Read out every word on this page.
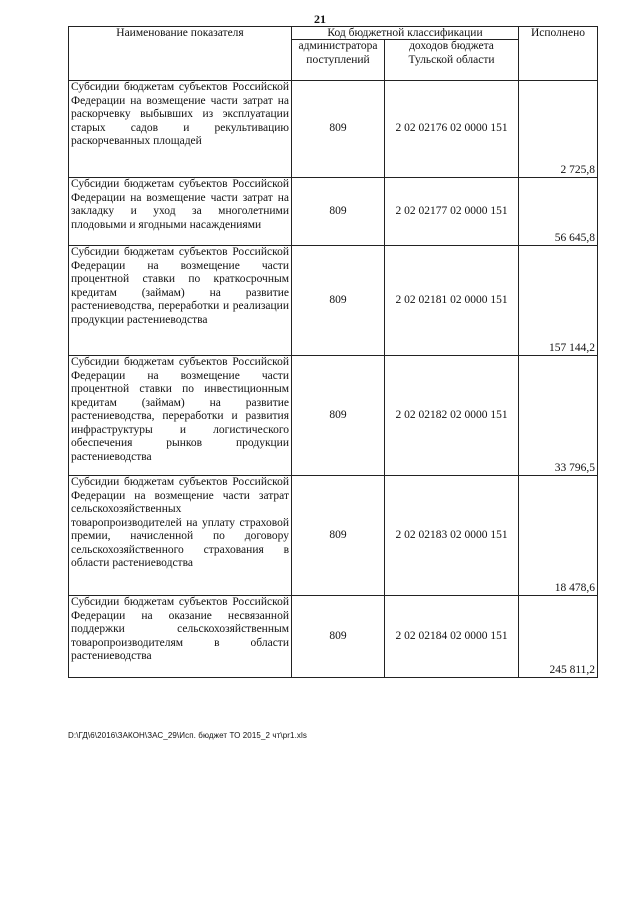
21
Наименование показателя	Код бюджетной классификации		Исполнено
	администратора поступлений	доходов бюджета Тульской области	
Субсидии бюджетам субъектов Российской Федерации на возмещение части затрат на раскорчевку выбывших из эксплуатации старых садов и рекультивацию раскорчеванных площадей	809	2 02 02176 02 0000 151	2 725,8
Субсидии бюджетам субъектов Российской Федерации на возмещение части затрат на закладку и уход за многолетними плодовыми и ягодными насаждениями	809	2 02 02177 02 0000 151	56 645,8
Субсидии бюджетам субъектов Российской Федерации на возмещение части процентной ставки по краткосрочным кредитам (займам) на развитие растениеводства, переработки и реализации продукции растениеводства	809	2 02 02181 02 0000 151	157 144,2
Субсидии бюджетам субъектов Российской Федерации на возмещение части процентной ставки по инвестиционным кредитам (займам) на развитие растениеводства, переработки и развития инфраструктуры и логистического обеспечения рынков продукции растениеводства	809	2 02 02182 02 0000 151	33 796,5
Субсидии бюджетам субъектов Российской Федерации на возмещение части затрат сельскохозяйственных товаропроизводителей на уплату страховой премии, начисленной по договору сельскохозяйственного страхования в области растениеводства	809	2 02 02183 02 0000 151	18 478,6
Субсидии бюджетам субъектов Российской Федерации на оказание несвязанной поддержки сельскохозяйственным товаропроизводителям в области растениеводства	809	2 02 02184 02 0000 151	245 811,2
D:\ГД\6\2016\ЗАКОН\ЗАС_29\Исп. бюджет ТО 2015_2 чт\pr1.xls
